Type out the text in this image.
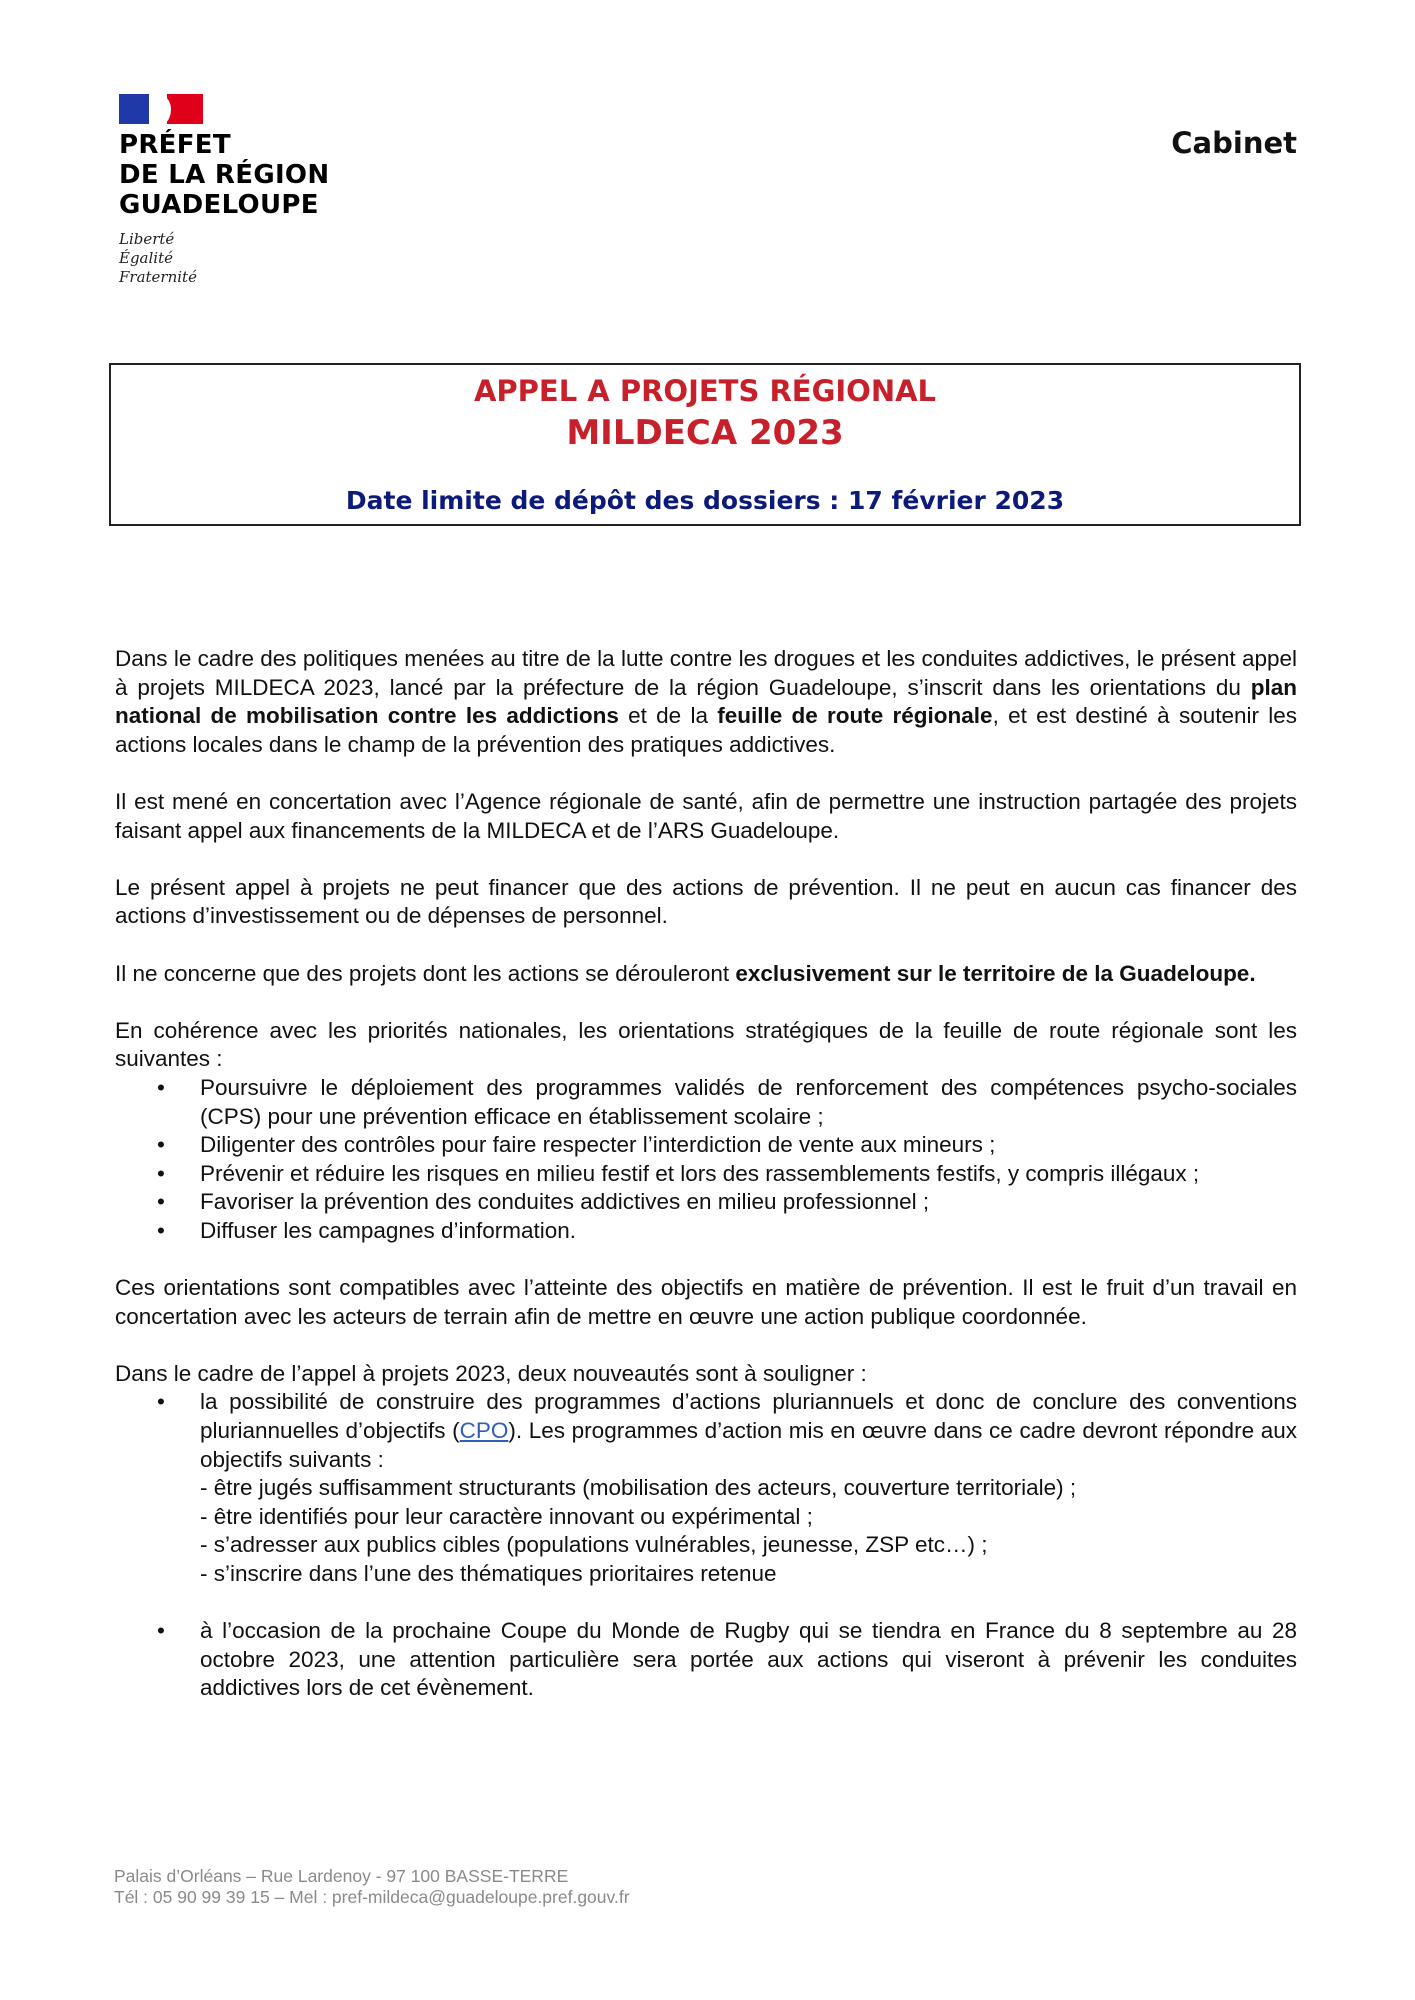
PRÉFET
DE LA RÉGION
GUADELOUPE
Liberté
Égalité
Fraternité
Cabinet
APPEL A PROJETS RÉGIONAL
MILDECA 2023
Date limite de dépôt des dossiers : 17 février 2023

Dans le cadre des politiques menées au titre de la lutte contre les drogues et les conduites addictives, le présent appel à projets MILDECA 2023, lancé par la préfecture de la région Guadeloupe, s’inscrit dans les orientations du plan national de mobilisation contre les addictions et de la feuille de route régionale, et est destiné à soutenir les actions locales dans le champ de la prévention des pratiques addictives.

Il est mené en concertation avec l’Agence régionale de santé, afin de permettre une instruction partagée des projets faisant appel aux financements de la MILDECA et de l’ARS Guadeloupe.

Le présent appel à projets ne peut financer que des actions de prévention. Il ne peut en aucun cas financer des actions d’investissement ou de dépenses de personnel.

Il ne concerne que des projets dont les actions se dérouleront exclusivement sur le territoire de la Guadeloupe.

En cohérence avec les priorités nationales, les orientations stratégiques de la feuille de route régionale sont les suivantes :

• Poursuivre le déploiement des programmes validés de renforcement des compétences psycho-sociales (CPS) pour une prévention efficace en établissement scolaire ;
• Diligenter des contrôles pour faire respecter l’interdiction de vente aux mineurs ;
• Prévenir et réduire les risques en milieu festif et lors des rassemblements festifs, y compris illégaux ;
• Favoriser la prévention des conduites addictives en milieu professionnel ;
• Diffuser les campagnes d’information.

Ces orientations sont compatibles avec l’atteinte des objectifs en matière de prévention. Il est le fruit d’un travail en concertation avec les acteurs de terrain afin de mettre en œuvre une action publique coordonnée.

Dans le cadre de l’appel à projets 2023, deux nouveautés sont à souligner :

• la possibilité de construire des programmes d’actions pluriannuels et donc de conclure des conventions pluriannuelles d’objectifs (CPO). Les programmes d’action mis en œuvre dans ce cadre devront répondre aux objectifs suivants :
- être jugés suffisamment structurants (mobilisation des acteurs, couverture territoriale) ;
- être identifiés pour leur caractère innovant ou expérimental ;
- s’adresser aux publics cibles (populations vulnérables, jeunesse, ZSP etc…) ;
- s’inscrire dans l’une des thématiques prioritaires retenue
• à l’occasion de la prochaine Coupe du Monde de Rugby qui se tiendra en France du 8 septembre au 28 octobre 2023, une attention particulière sera portée aux actions qui viseront à prévenir les conduites addictives lors de cet évènement.
Palais d’Orléans – Rue Lardenoy - 97 100 BASSE-TERRE
Tél : 05 90 99 39 15 – Mel : pref-mildeca@guadeloupe.pref.gouv.fr
